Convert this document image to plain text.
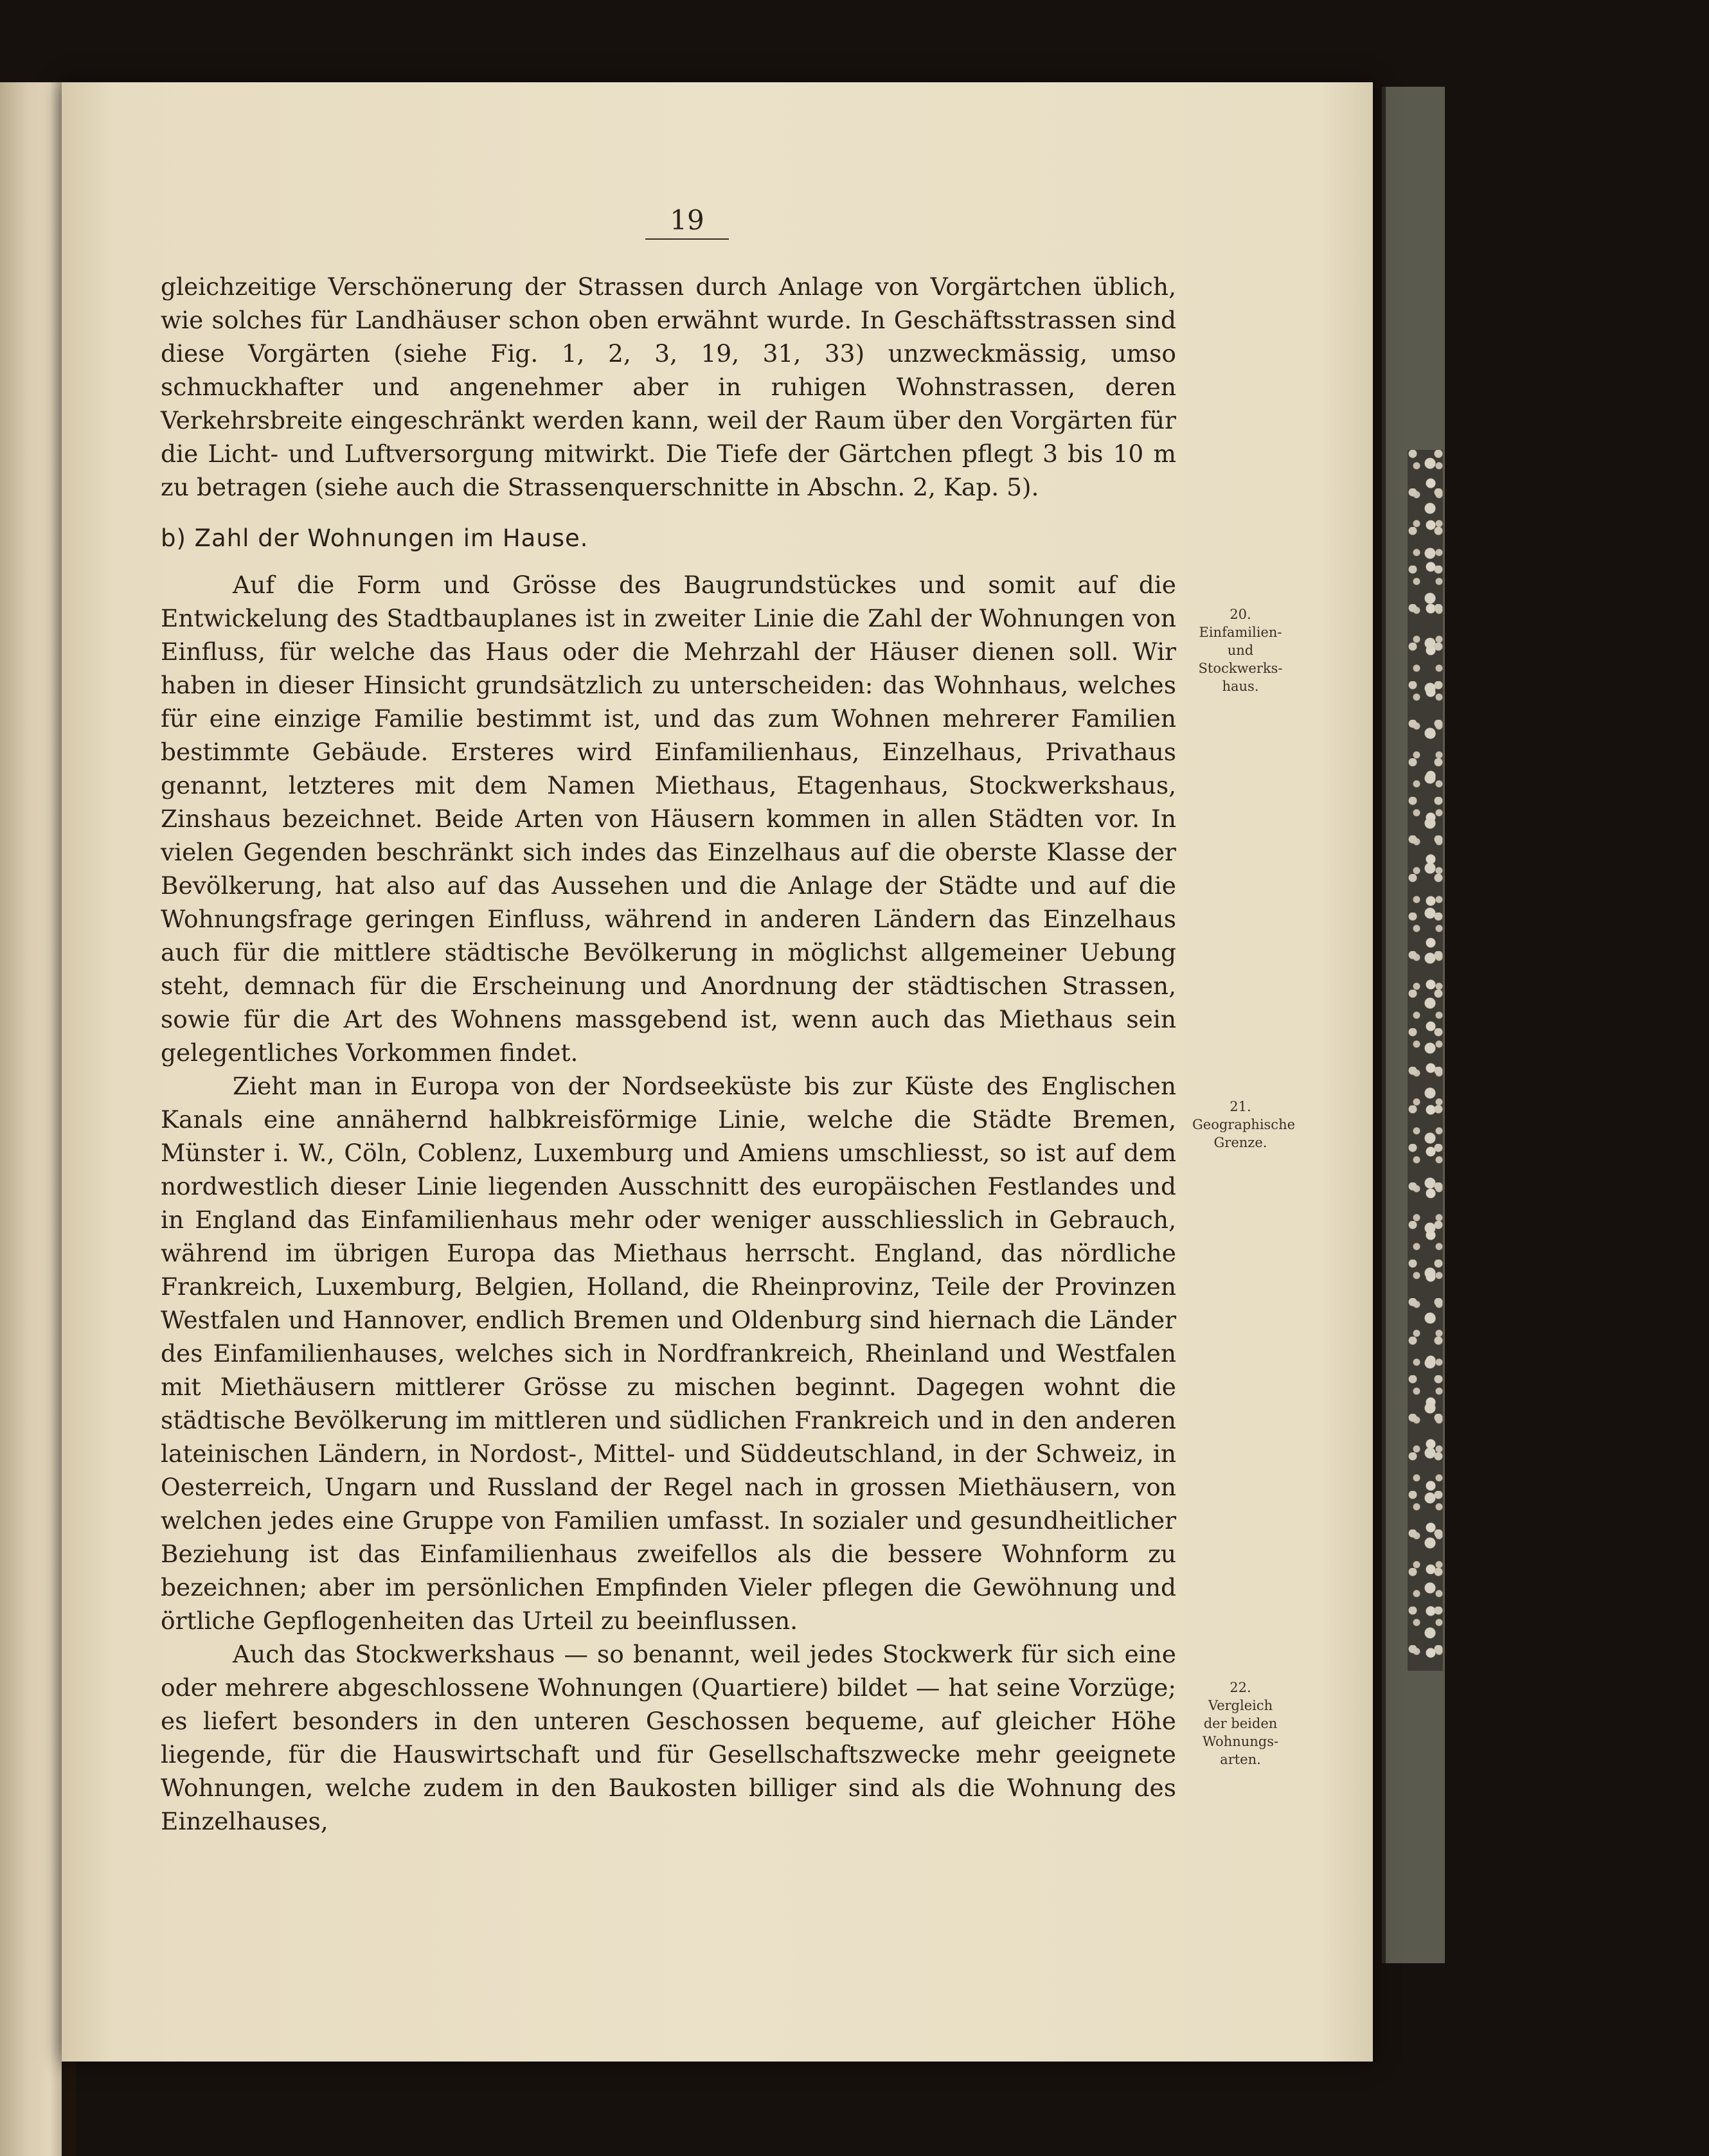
19

gleichzeitige Verschönerung der Strassen durch Anlage von Vorgärtchen üblich, wie solches für Landhäuser schon oben erwähnt wurde. In Geschäftsstrassen sind diese Vorgärten (siehe Fig. 1, 2, 3, 19, 31, 33) unzweckmässig, umso schmuckhafter und angenehmer aber in ruhigen Wohnstrassen, deren Verkehrsbreite eingeschränkt werden kann, weil der Raum über den Vorgärten für die Licht- und Luftversorgung mitwirkt. Die Tiefe der Gärtchen pflegt 3 bis 10 m zu betragen (siehe auch die Strassenquerschnitte in Abschn. 2, Kap. 5).

b) Zahl der Wohnungen im Hause.

Auf die Form und Grösse des Baugrundstückes und somit auf die Entwickelung des Stadtbauplanes ist in zweiter Linie die Zahl der Wohnungen von Einfluss, für welche das Haus oder die Mehrzahl der Häuser dienen soll. Wir haben in dieser Hinsicht grundsätzlich zu unterscheiden: das Wohnhaus, welches für eine einzige Familie bestimmt ist, und das zum Wohnen mehrerer Familien bestimmte Gebäude. Ersteres wird Einfamilienhaus, Einzelhaus, Privathaus genannt, letzteres mit dem Namen Miethaus, Etagenhaus, Stockwerkshaus, Zinshaus bezeichnet. Beide Arten von Häusern kommen in allen Städten vor. In vielen Gegenden beschränkt sich indes das Einzelhaus auf die oberste Klasse der Bevölkerung, hat also auf das Aussehen und die Anlage der Städte und auf die Wohnungsfrage geringen Einfluss, während in anderen Ländern das Einzelhaus auch für die mittlere städtische Bevölkerung in möglichst allgemeiner Uebung steht, demnach für die Erscheinung und Anordnung der städtischen Strassen, sowie für die Art des Wohnens massgebend ist, wenn auch das Miethaus sein gelegentliches Vorkommen findet.

Zieht man in Europa von der Nordseeküste bis zur Küste des Englischen Kanals eine annähernd halbkreisförmige Linie, welche die Städte Bremen, Münster i. W., Cöln, Coblenz, Luxemburg und Amiens umschliesst, so ist auf dem nordwestlich dieser Linie liegenden Ausschnitt des europäischen Festlandes und in England das Einfamilienhaus mehr oder weniger ausschliesslich in Gebrauch, während im übrigen Europa das Miethaus herrscht. England, das nördliche Frankreich, Luxemburg, Belgien, Holland, die Rheinprovinz, Teile der Provinzen Westfalen und Hannover, endlich Bremen und Oldenburg sind hiernach die Länder des Einfamilienhauses, welches sich in Nordfrankreich, Rheinland und Westfalen mit Miethäusern mittlerer Grösse zu mischen beginnt. Dagegen wohnt die städtische Bevölkerung im mittleren und südlichen Frankreich und in den anderen lateinischen Ländern, in Nordost-, Mittel- und Süddeutschland, in der Schweiz, in Oesterreich, Ungarn und Russland der Regel nach in grossen Miethäusern, von welchen jedes eine Gruppe von Familien umfasst. In sozialer und gesundheitlicher Beziehung ist das Einfamilienhaus zweifellos als die bessere Wohnform zu bezeichnen; aber im persönlichen Empfinden Vieler pflegen die Gewöhnung und örtliche Gepflogenheiten das Urteil zu beeinflussen.

Auch das Stockwerkshaus — so benannt, weil jedes Stockwerk für sich eine oder mehrere abgeschlossene Wohnungen (Quartiere) bildet — hat seine Vorzüge; es liefert besonders in den unteren Geschossen bequeme, auf gleicher Höhe liegende, für die Hauswirtschaft und für Gesellschaftszwecke mehr geeignete Wohnungen, welche zudem in den Baukosten billiger sind als die Wohnung des Einzelhauses,

20.
Einfamilien-
und
Stockwerks-
haus.
21.
Geographische
Grenze.
22.
Vergleich
der beiden
Wohnungs-
arten.
